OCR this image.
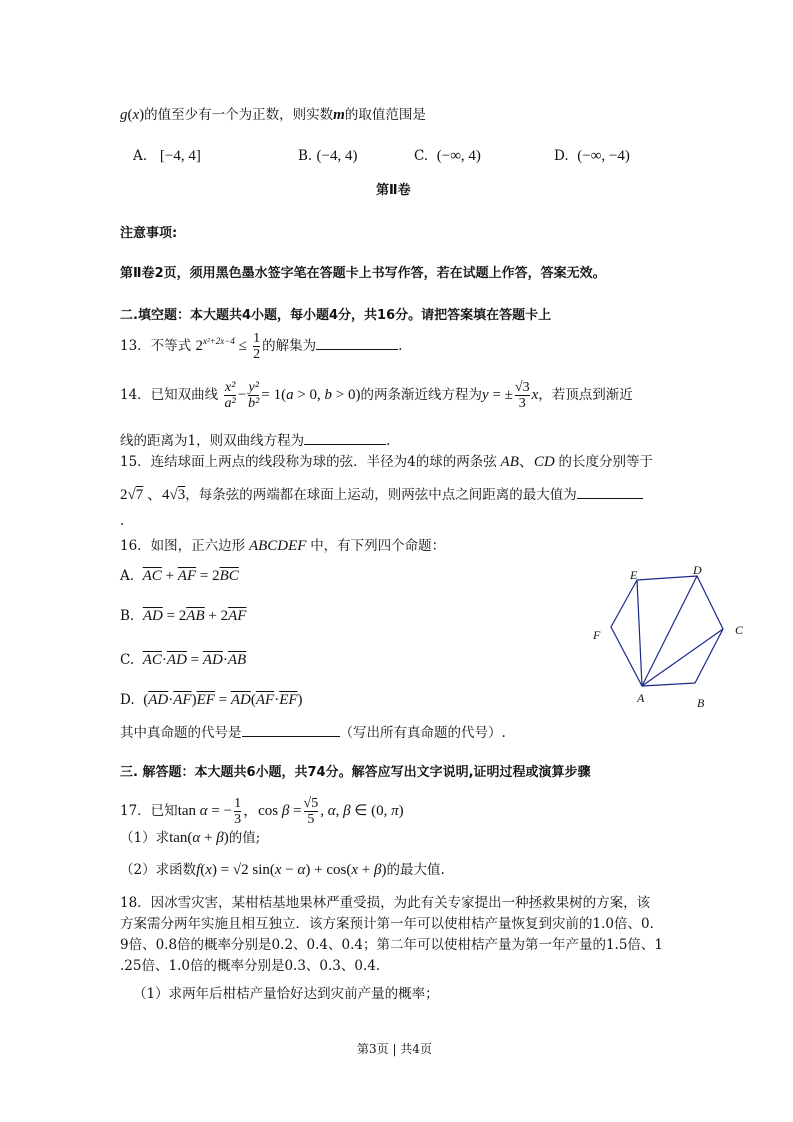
g(x)的值至少有一个为正数，则实数m的取值范围是
A. [−4, 4]	B. (−4, 4)	C. (−∞, 4)	D. (−∞, −4)
第Ⅱ卷
注意事项:
第Ⅱ卷2页，须用黑色墨水签字笔在答题卡上书写作答，若在试题上作答，答案无效。
二.填空题：本大题共4小题，每小题4分，共16分。请把答案填在答题卡上
13．不等式 $2^{x^2+2x-4} \le \frac{1}{2}$ 的解集为	.
14．已知双曲线 $\frac{\text{x²}}{\text{a²}} - \frac{\text{y²}}{\text{b²}} = 1(a > 0$, b > 0)的两条渐近线方程为y = ± $\frac{√3}{3}$ x，若顶点到渐近
线的距离为1，则双曲线方程为	.
15．连结球面上两点的线段称为球的弦．半径为4的球的两条弦 AB、CD 的长度分别等于
2√7 、4√3，每条弦的两端都在球面上运动，则两弦中点之间距离的最大值为
.
16．如图，正六边形 ABCDEF 中，有下列四个命题：
A. $\overline{AC} + \overline{AF} = 2\overline{BC}$
B. $\overline{AD} = 2\overline{AB} + 2\overline{AF}$
C. $\overline{AC}\cdot\overline{AD} = \overline{AD}\cdot\overline{AB}$
D. $(\overline{AD}\cdot\overline{AF})\overline{EF} = \overline{AD}(\overline{AF}\cdot\overline{EF})$
其中真命题的代号是	（写出所有真命题的代号）.
A	B
C
D
E
F
三. 解答题：本大题共6小题，共74分。解答应写出文字说明,证明过程或演算步骤
17．已知tan α = − $\frac{1}{3}$ ，$\cos \beta = \frac{√5}{5}$ , α, β ∈ (0, π)
（1）求tan(α + β)的值;
（2）求函数f(x) = √2 sin(x − α) + cos(x + β)的最大值.
18．因冰雪灾害，某柑桔基地果林严重受损，为此有关专家提出一种拯救果树的方案，该
方案需分两年实施且相互独立．该方案预计第一年可以使柑桔产量恢复到灾前的1.0倍、0.
9倍、0.8倍的概率分别是0.2、0.4、0.4；第二年可以使柑桔产量为第一年产量的1.5倍、1
.25倍、1.0倍的概率分别是0.3、0.3、0.4.
（1）求两年后柑桔产量恰好达到灾前产量的概率；
第3页 | 共4页
